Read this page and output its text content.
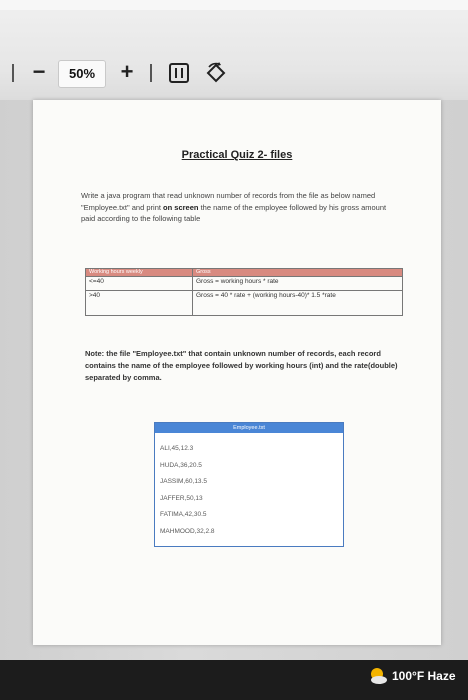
−	50%	+
Practical Quiz 2- files
Write a java program that read unknown number of records from the file as below named "Employee.txt" and print on screen the name of the employee followed by his gross amount paid according to the following table
Working hours weekly	Gross
<=40	Gross = working hours * rate
>40	Gross = 40 * rate + (working hours-40)* 1.5 *rate
Note: the file "Employee.txt" that contain unknown number of records, each record contains the name of the employee followed by working hours (int) and the rate(double) separated by comma.
Employee.txt
ALI,45,12.3
HUDA,36,20.5
JASSIM,60,13.5
JAFFER,50,13
FATIMA,42,30.5
MAHMOOD,32,2.8
100°F Haze
